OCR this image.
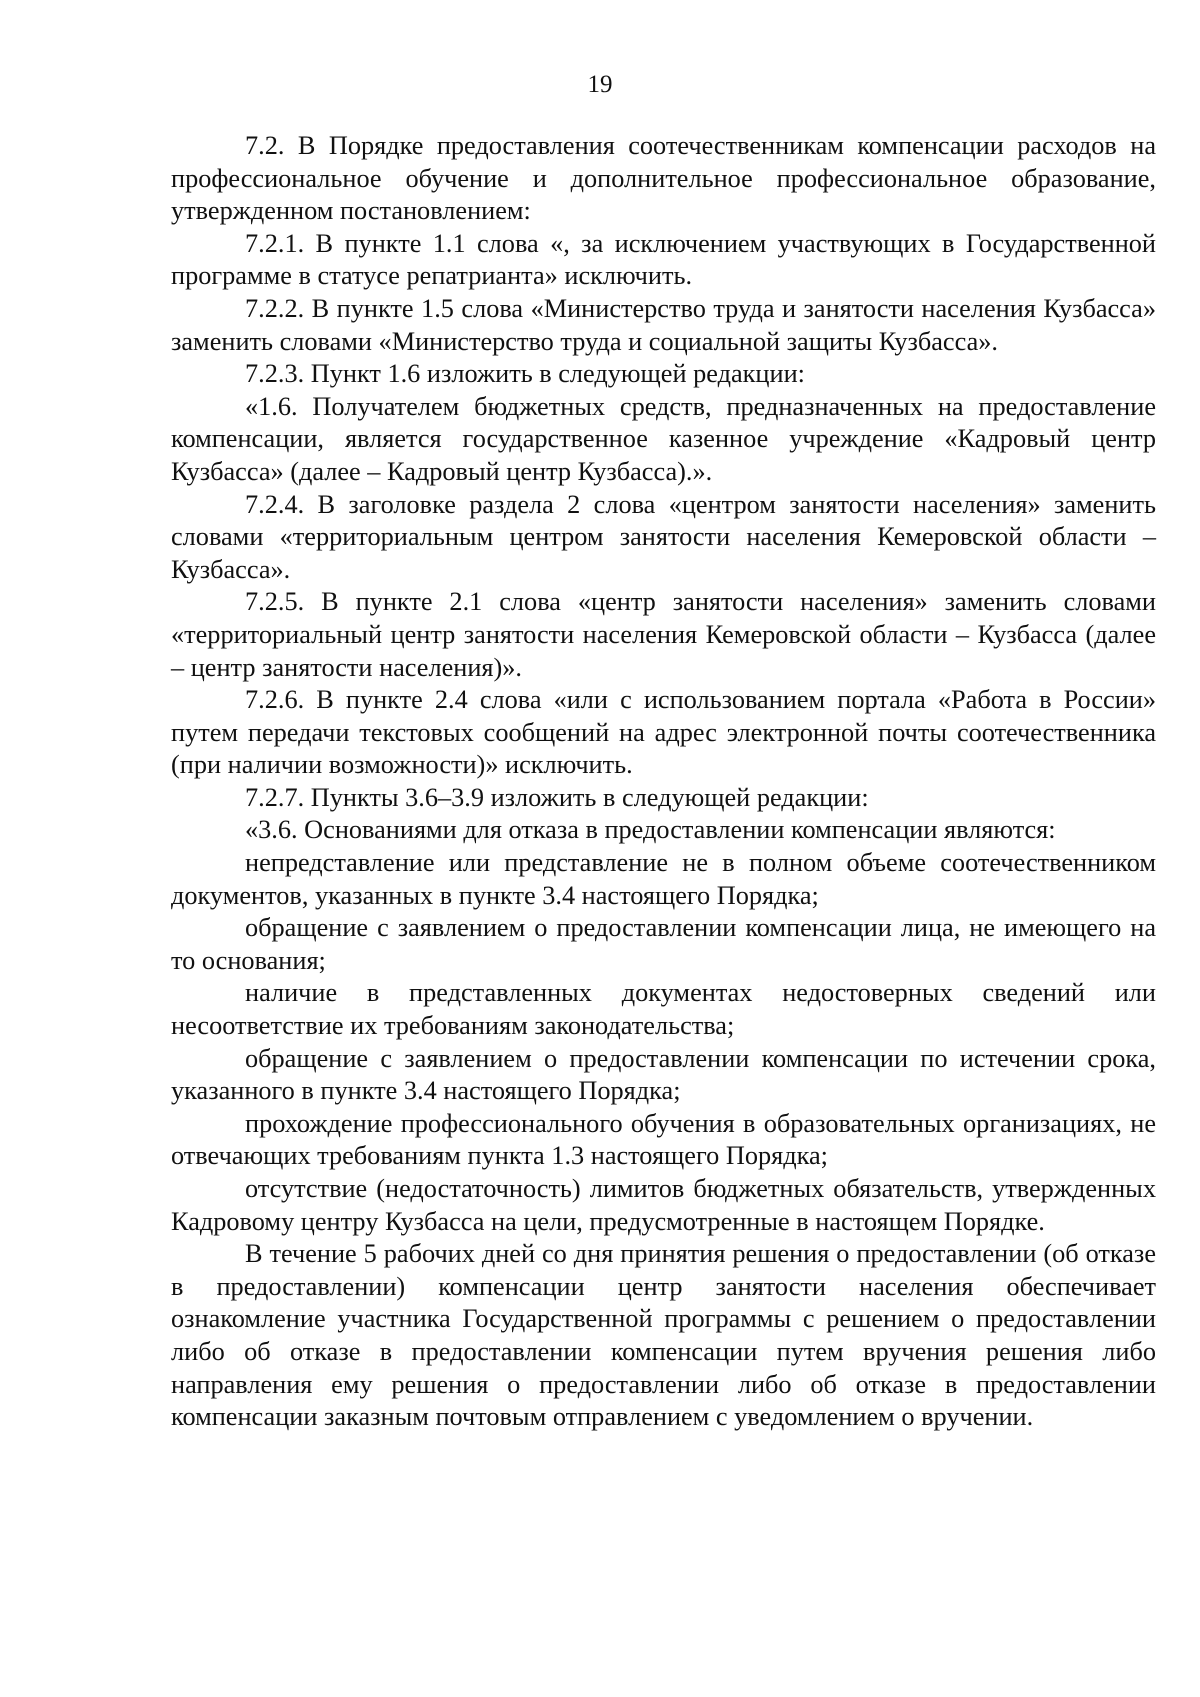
19

7.2. В Порядке предоставления соотечественникам компенсации расходов на профессиональное обучение и дополнительное профессиональное образование, утвержденном постановлением:

7.2.1. В пункте 1.1 слова «, за исключением участвующих в Государственной программе в статусе репатрианта» исключить.

7.2.2. В пункте 1.5 слова «Министерство труда и занятости населения Кузбасса» заменить словами «Министерство труда и социальной защиты Кузбасса».

7.2.3. Пункт 1.6 изложить в следующей редакции:

«1.6. Получателем бюджетных средств, предназначенных на предоставление компенсации, является государственное казенное учреждение «Кадровый центр Кузбасса» (далее – Кадровый центр Кузбасса).».

7.2.4. В заголовке раздела 2 слова «центром занятости населения» заменить словами «территориальным центром занятости населения Кемеровской области – Кузбасса».

7.2.5. В пункте 2.1 слова «центр занятости населения» заменить словами «территориальный центр занятости населения Кемеровской области – Кузбасса (далее – центр занятости населения)».

7.2.6. В пункте 2.4 слова «или с использованием портала «Работа в России» путем передачи текстовых сообщений на адрес электронной почты соотечественника (при наличии возможности)» исключить.

7.2.7. Пункты 3.6–3.9 изложить в следующей редакции:

«3.6. Основаниями для отказа в предоставлении компенсации являются:

непредставление или представление не в полном объеме соотечественником документов, указанных в пункте 3.4 настоящего Порядка;

обращение с заявлением о предоставлении компенсации лица, не имеющего на то основания;

наличие в представленных документах недостоверных сведений или несоответствие их требованиям законодательства;

обращение с заявлением о предоставлении компенсации по истечении срока, указанного в пункте 3.4 настоящего Порядка;

прохождение профессионального обучения в образовательных организациях, не отвечающих требованиям пункта 1.3 настоящего Порядка;

отсутствие (недостаточность) лимитов бюджетных обязательств, утвержденных Кадровому центру Кузбасса на цели, предусмотренные в настоящем Порядке.

В течение 5 рабочих дней со дня принятия решения о предоставлении (об отказе в предоставлении) компенсации центр занятости населения обеспечивает ознакомление участника Государственной программы с решением о предоставлении либо об отказе в предоставлении компенсации путем вручения решения либо направления ему решения о предоставлении либо об отказе в предоставлении компенсации заказным почтовым отправлением с уведомлением о вручении.
